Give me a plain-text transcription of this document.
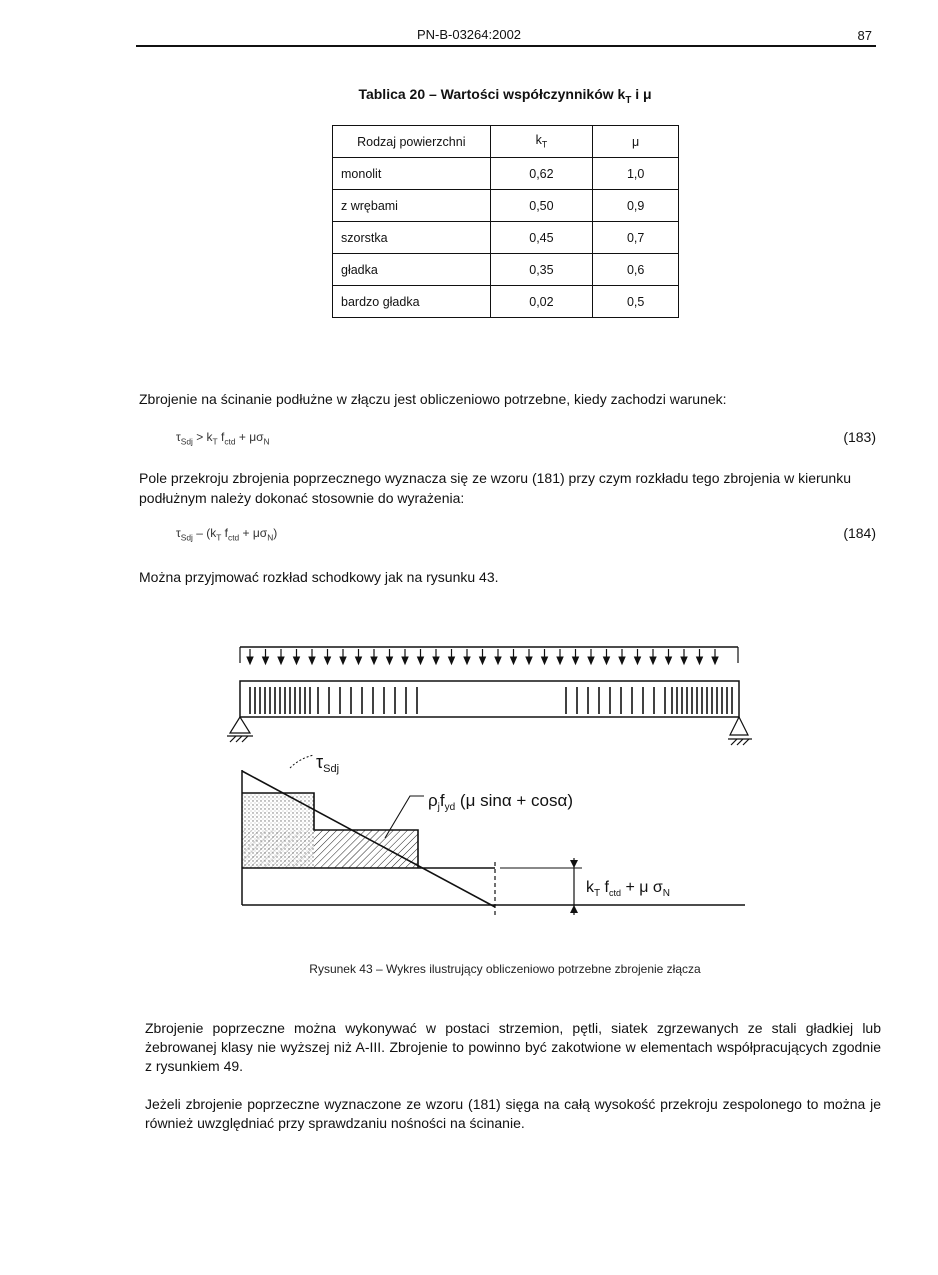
PN-B-03264:2002	87
Tablica 20 – Wartości współczynników $k_T$ i μ
Rodzaj powierzchni	$k_T$	μ
monolit	0,62	1,0
z wrębami	0,50	0,9
szorstka	0,45	0,7
gładka	0,35	0,6
bardzo gładka	0,02	0,5
Zbrojenie na ścinanie podłużne w złączu jest obliczeniowo potrzebne, kiedy zachodzi warunek:
$\tau_{Sdj} > k_T$ $f_{ctd} + \mu\sigma_N$	(183)
Pole przekroju zbrojenia poprzecznego wyznacza się ze wzoru (181) przy czym rozkładu tego zbrojenia w kierunku podłużnym należy dokonać stosownie do wyrażenia:
$\tau_{Sdj} - (k_T$ $f_{ctd} + \mu\sigma_N$)	(184)
Można przyjmować rozkład schodkowy jak na rysunku 43.
$\tau_{Sdj}$
$\rho_jf_{yd}$ (μ sinα + cosα)
$k_T$ $f_{ctd} + \mu$ $\sigma_N$
Rysunek 43 – Wykres ilustrujący obliczeniowo potrzebne zbrojenie złącza
Zbrojenie poprzeczne można wykonywać w postaci strzemion, pętli, siatek zgrzewanych ze stali gładkiej lub żebrowanej klasy nie wyższej niż A-III. Zbrojenie to powinno być zakotwione w elementach współpracujących zgodnie z rysunkiem 49.
Jeżeli zbrojenie poprzeczne wyznaczone ze wzoru (181) sięga na całą wysokość przekroju zespolonego to można je również uwzględniać przy sprawdzaniu nośności na ścinanie.
